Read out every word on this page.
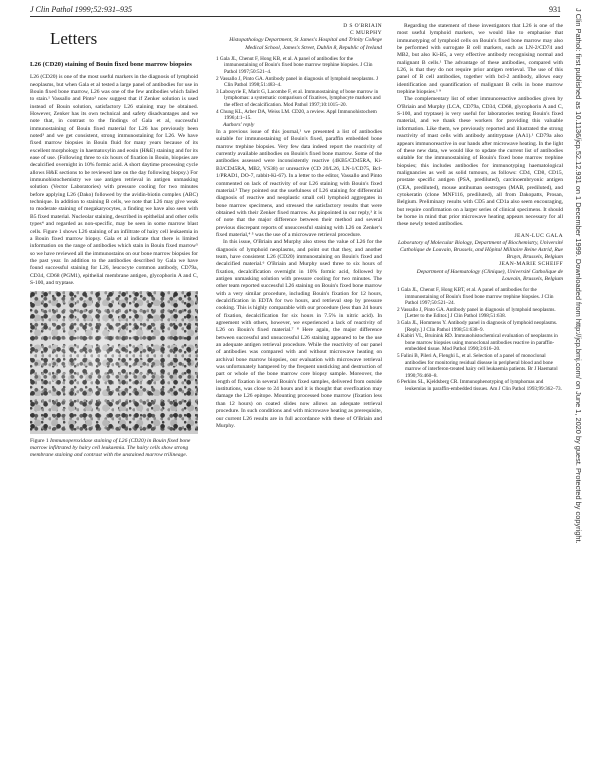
J Clin Pathol 1999;52:931–935	931
Letters
L26 (CD20) staining of Bouin fixed bone marrow biopsies

L26 (CD20) is one of the most useful markers in the diagnosis of lymphoid neoplasms, but when Gala et al tested a large panel of antibodies for use in Bouin fixed bone marrow, L26 was one of the few antibodies which failed to stain.¹ Vassallo and Pinto² now suggest that if Zenker solution is used instead of Bouin solution, satisfactory L26 staining may be obtained. However, Zenker has its own technical and safety disadvantages and we note that, in contrast to the findings of Gala et al, successful immunostaining of Bouin fixed material for L26 has previously been noted³ and we get consistent, strong immunostaining for L26. We have fixed marrow biopsies in Bouin fluid for many years because of its excellent morphology in haematoxylin and eosin (H&E) staining and for its ease of use. (Following three to six hours of fixation in Bouin, biopsies are decalcified overnight in 10% formic acid. A short daytime processing cycle allows H&E sections to be reviewed late on the day following biopsy.) For immunohistochemistry we use antigen retrieval in antigen unmasking solution (Vector Laboratories) with pressure cooling for two minutes before applying L26 (Dako) followed by the avidin-biotin complex (ABC) technique. In addition to staining B cells, we note that L26 may give weak to moderate staining of megakaryocytes, a finding we have also seen with B5 fixed material. Nucleolar staining, described in epithelial and other cells types⁴ and regarded as non-specific, may be seen in some marrow blast cells. Figure 1 shows L26 staining of an infiltrate of hairy cell leukaemia in a Bouin fixed marrow biopsy. Gala et al indicate that there is limited information on the range of antibodies which stain in Bouin fixed marrow⁵ so we have reviewed all the immunostains on our bone marrow biopsies for the past year. In addition to the antibodies described by Gala we have found successful staining for L26, leucocyte common antibody, CD79a, CD34, CD68 (PGM1), epithelial membrane antigen, glycophorin A and C, S-100, and tryptase.

Figure 1 Immunoperoxidase staining of L26 (CD20) in Bouin fixed bone marrow infiltrated by hairy cell leukaemia. The hairy cells show strong membrane staining and contrast with the unstained marrow trilineage.
D S O'BRIAIN
C MURPHY
Histopathology Department, St James's Hospital and Trinity College Medical School, James's Street, Dublin 8, Republic of Ireland
1 Gala JL, Chenut F, Hong KB, et al. A panel of antibodies for the immunostaining of Bouin's fixed bone marrow trephine biopsies. J Clin Pathol 1997;50:521–4.
2 Vassallo J, Pinto GA. Antibody panel in diagnosis of lymphoid neoplasms. J Clin Pathol 1998;51:483–4.
3 Labouyrie E, Marit G, Lacombe F, et al. Immunostaining of bone marrow in lymphomas: a systematic comparison of fixatives, lymphocyte markers and the effect of decalcification. Mod Pathol 1997;10:1015–20.
4 Chung KL, Arber DA, Weiss LM. CD20, a review. Appl Immunohistochem 1996;4:1–15.

Authors' reply

In a previous issue of this journal,¹ we presented a list of antibodies suitable for immunostaining of Bouin's fixed, paraffin embedded bone marrow trephine biopsies. Very few data indeed report the reactivity of currently available antibodies on Bouin's fixed bone marrow. Some of the antibodies assessed were inconsistently reactive (4KB5/CD45RA, Ki-B3/CD45RA, MB2, VS38) or unreactive (CD 20/L26, LN-1/CD75, Bcl-1/PRAD1, DO-7, rabbit-Ki-67). In a letter to the editor, Vassallo and Pinto commented on lack of reactivity of our L26 staining with Bouin's fixed material.² They pointed out the usefulness of L26 staining for differential diagnosis of reactive and neoplastic small cell lymphoid aggregates in bone marrow specimens, and stressed the satisfactory results that were obtained with their Zenker fixed marrow. As pinpointed in our reply,³ it is of note that the major difference between their method and several previous discrepant reports of unsuccessful staining with L26 on Zenker's fixed material,⁴ ⁵ was the use of a microwave retrieval procedure.

In this issue, O'Briain and Murphy also stress the value of L26 for the diagnosis of lymphoid neoplasms, and point out that they, and another team, have consistent L26 (CD20) immunostaining on Bouin's fixed and decalcified material.⁶ O'Briain and Murphy used three to six hours of fixation, decalcification overnight in 10% formic acid, followed by antigen unmasking solution with pressure cooling for two minutes. The other team reported successful L26 staining on Bouin's fixed bone marrow with a very similar procedure, including Bouin's fixation for 12 hours, decalcification in EDTA for two hours, and retrieval step by pressure cooking. This is highly comparable with our procedure (less than 24 hours of fixation, decalcification for six hours in 7.5% in nitric acid). In agreement with others, however, we experienced a lack of reactivity of L26 on Bouin's fixed material.⁷ ⁸ Here again, the major difference between successful and unsuccessful L26 staining appeared to be the use an adequate antigen retrieval procedure. While the reactivity of our panel of antibodies was compared with and without microwave heating on archival bone marrow biopsies, our evaluation with microwave retrieval was unfortunately hampered by the frequent unsticking and destruction of part or whole of the bone marrow core biopsy sample. Moreover, the length of fixation in several Bouin's fixed samples, delivered from outside institutions, was close to 24 hours and it is thought that overfixation may damage the L26 epitope. Mounting processed bone marrow (fixation less than 12 hours) on coated slides now allows an adequate retrieval procedure. In such conditions and with microwave heating as prerequisite, our current L26 results are in full accordance with these of O'Briain and Murphy.

Regarding the statement of these investigators that L26 is one of the most useful lymphoid markers, we would like to emphasise that immunotyping of lymphoid cells on Bouin's fixed bone marrow may also be performed with surrogate B cell markers, such as LN-2/CD74 and MB2, but also Ki-B5, a very effective antibody recognising normal and malignant B cells.¹ The advantage of these antibodies, compared with L26, is that they do not require prior antigen retrieval. The use of this panel of B cell antibodies, together with bcl-2 antibody, allows easy identification and quantification of malignant B cells in bone marrow trephine biopsies.¹ ⁹

The complementary list of other immunoreactive antibodies given by O'Briain and Murphy (LCA, CD79a, CD34, CD68, glycophorin A and C, S-100, and tryptase) is very useful for laboratories testing Bouin's fixed material, and we thank these workers for providing this valuable information. Like them, we previously reported and illustrated the strong reactivity of mast cells with antibody antitryptase (AA1).¹ CD79a also appears immunoreactive in our hands after microwave heating. In the light of these new data, we would like to update the current list of antibodies suitable for the immunostaining of Bouin's fixed bone marrow trephine biopsies; this includes antibodies for immunotyping haematological malignancies as well as solid tumours, as follows: CD4, CD8, CD15, prostate specific antigen (PSA, prediluted), carcinoembryonic antigen (CEA, prediluted), mouse antihuman oestrogen (MAB, prediluted), and cytokeratin (clone MNF116, prediluted), all from Dakopatts, Prosan, Belgium. Preliminary results with CD5 and CD1a also seem encouraging, but require confirmation on a larger series of clinical specimens. It should be borne in mind that prior microwave heating appears necessary for all these newly tested antibodies.

JEAN-LUC GALA
Laboratory of Molecular Biology, Department of Biochemistry, Université Catholique de Louvain, Brussels, and Hôpital Militaire Reine Astrid, Rue Bruyn, Brussels, Belgium
JEAN-MARIE SCHEIFF
Department of Haematology (Clinique), Université Catholique de Louvain, Brussels, Belgium
1 Gala JL, Chenut F, Hong KBT, et al. A panel of antibodies for the immunostaining of Bouin's fixed bone marrow trephine biopsies. J Clin Pathol 1997;50:521–24.
2 Vassallo J, Pinto GA. Antibody panel in diagnosis of lymphoid neoplasms. [Letter to the Editor.] J Clin Pathol 1998;51:638.
3 Gala JL, Hommens Y. Antibody panel in diagnosis of lymphoid neoplasms. [Reply.] J Clin Pathol 1998;51:638–9.
4 Kabiri VL, Bruinink RD. Immunohistochemical evaluation of neoplasms in bone marrow biopsies using monoclonal antibodies reactive in paraffin-embedded tissue. Mod Pathol 1990;3:616–20.
5 Falini B, Pileri A, Flenghi L, et al. Selection of a panel of monoclonal antibodies for monitoring residual disease in peripheral blood and bone marrow of interferon-treated hairy cell leukaemia patients. Br J Haematol 1990;76:460–8.
6 Perkins SL, Kjeldsberg CR. Immunophenotyping of lymphomas and leukemias in paraffin-embedded tissues. Am J Clin Pathol 1993;99:362–73. J Clin Pathol: first published as 10.1136/jcp.52.12.931 on 1 December 1999. Downloaded from http://jcp.bmj.com/ on June 1, 2020 by guest. Protected by copyright.
